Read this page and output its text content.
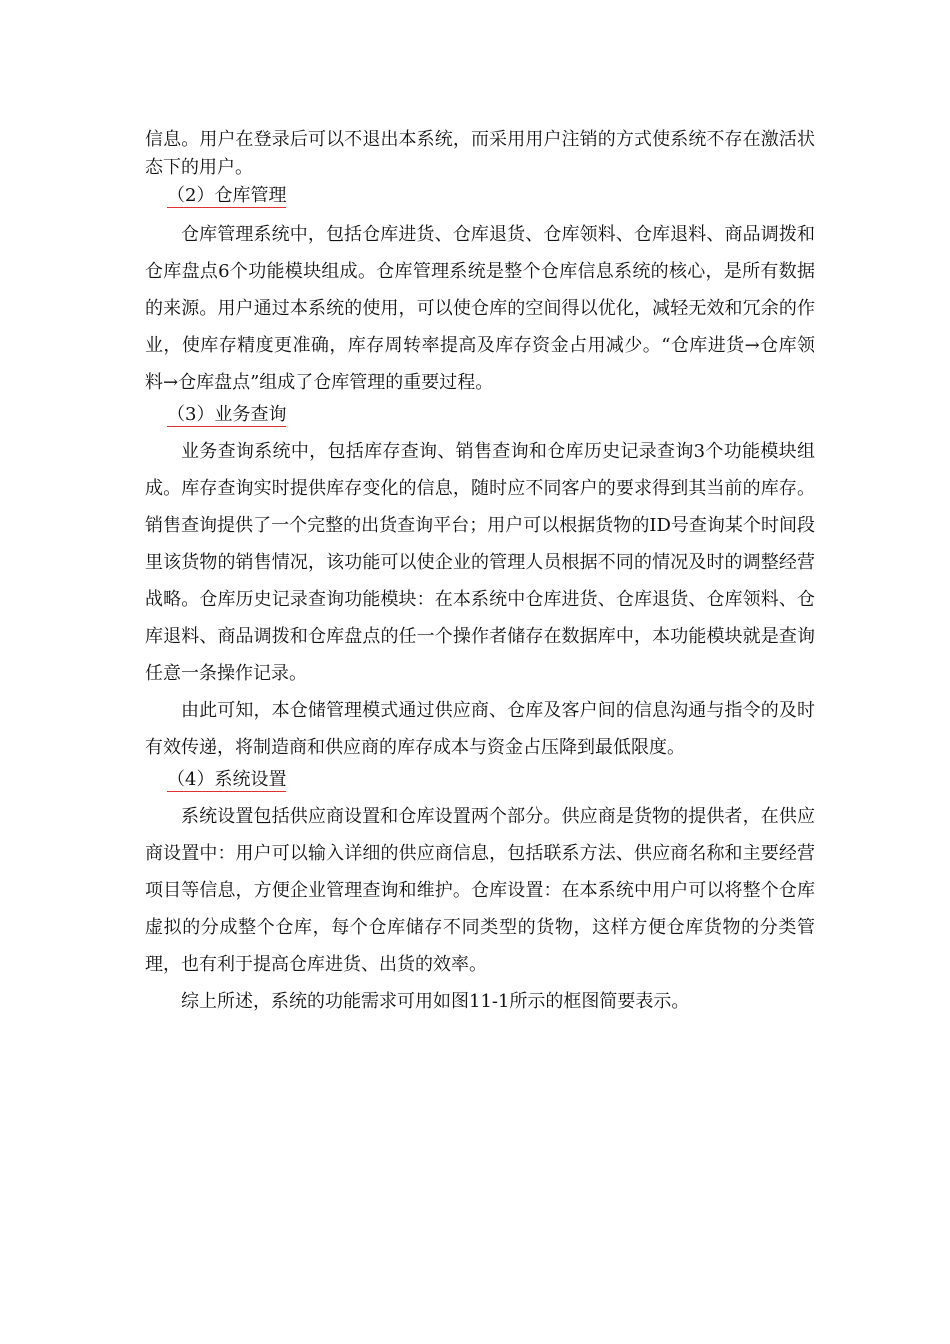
信息。用户在登录后可以不退出本系统，而采用用户注销的方式使系统不存在激活状态下的用户。

（2）仓库管理

仓库管理系统中，包括仓库进货、仓库退货、仓库领料、仓库退料、商品调拨和仓库盘点6个功能模块组成。仓库管理系统是整个仓库信息系统的核心，是所有数据的来源。用户通过本系统的使用，可以使仓库的空间得以优化，减轻无效和冗余的作业，使库存精度更准确，库存周转率提高及库存资金占用减少。“仓库进货→仓库领料→仓库盘点”组成了仓库管理的重要过程。

（3）业务查询

业务查询系统中，包括库存查询、销售查询和仓库历史记录查询3个功能模块组成。库存查询实时提供库存变化的信息，随时应不同客户的要求得到其当前的库存。销售查询提供了一个完整的出货查询平台；用户可以根据货物的ID号查询某个时间段里该货物的销售情况，该功能可以使企业的管理人员根据不同的情况及时的调整经营战略。仓库历史记录查询功能模块：在本系统中仓库进货、仓库退货、仓库领料、仓库退料、商品调拨和仓库盘点的任一个操作者储存在数据库中，本功能模块就是查询任意一条操作记录。

由此可知，本仓储管理模式通过供应商、仓库及客户间的信息沟通与指令的及时有效传递，将制造商和供应商的库存成本与资金占压降到最低限度。

（4）系统设置

系统设置包括供应商设置和仓库设置两个部分。供应商是货物的提供者，在供应商设置中：用户可以输入详细的供应商信息，包括联系方法、供应商名称和主要经营项目等信息，方便企业管理查询和维护。仓库设置：在本系统中用户可以将整个仓库虚拟的分成整个仓库，每个仓库储存不同类型的货物，这样方便仓库货物的分类管理，也有利于提高仓库进货、出货的效率。

综上所述，系统的功能需求可用如图11-1所示的框图简要表示。
